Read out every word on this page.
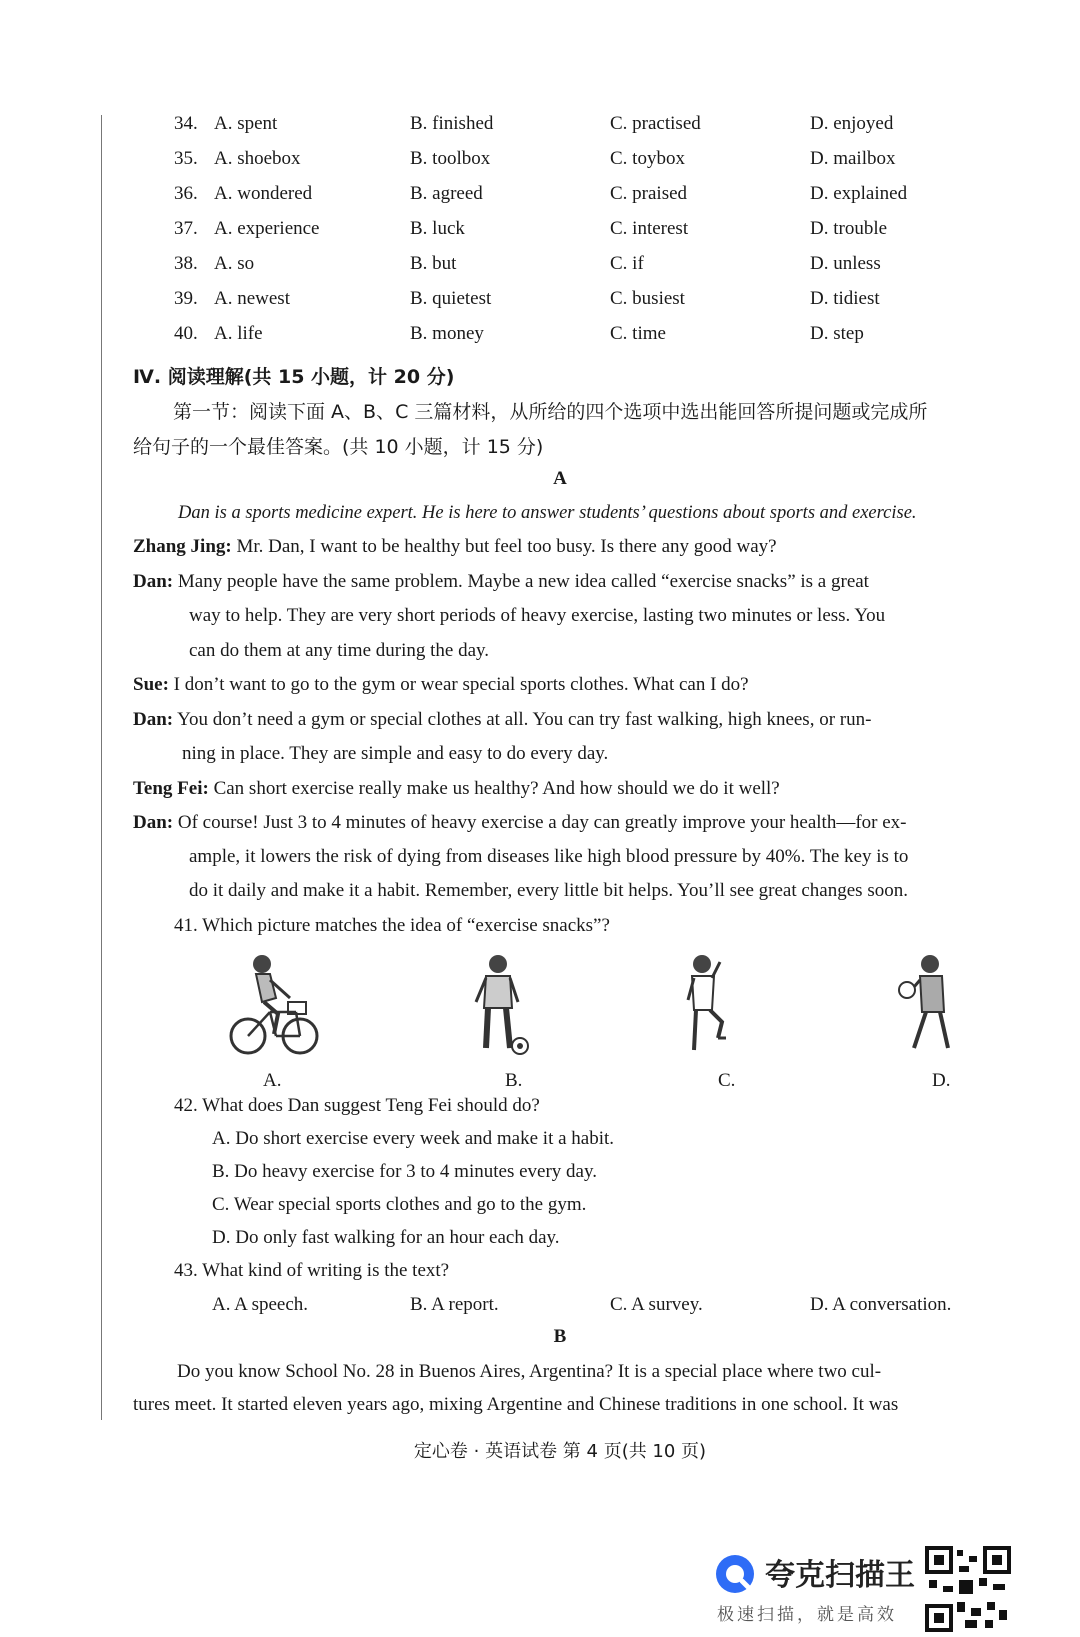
34. A. spent	B. finished	C. practised	D. enjoyed
35. A. shoebox	B. toolbox	C. toybox	D. mailbox
36. A. wondered	B. agreed	C. praised	D. explained
37. A. experience	B. luck	C. interest	D. trouble
38. A. so	B. but	C. if	D. unless
39. A. newest	B. quietest	C. busiest	D. tidiest
40. A. life	B. money	C. time	D. step
Ⅳ. 阅读理解(共 15 小题，计 20 分)
第一节：阅读下面 A、B、C 三篇材料，从所给的四个选项中选出能回答所提问题或完成所
给句子的一个最佳答案。(共 10 小题，计 15 分)
A
Dan is a sports medicine expert. He is here to answer students’ questions about sports and exercise.
Zhang Jing: Mr. Dan, I want to be healthy but feel too busy. Is there any good way?
Dan: Many people have the same problem. Maybe a new idea called “exercise snacks” is a great
way to help. They are very short periods of heavy exercise, lasting two minutes or less. You
can do them at any time during the day.
Sue: I don’t want to go to the gym or wear special sports clothes. What can I do?
Dan: You don’t need a gym or special clothes at all. You can try fast walking, high knees, or run-
ning in place. They are simple and easy to do every day.
Teng Fei: Can short exercise really make us healthy? And how should we do it well?
Dan: Of course! Just 3 to 4 minutes of heavy exercise a day can greatly improve your health—for ex-
ample, it lowers the risk of dying from diseases like high blood pressure by 40%. The key is to
do it daily and make it a habit. Remember, every little bit helps. You’ll see great changes soon.
41. Which picture matches the idea of “exercise snacks”?
A.	B.	C.	D.
42. What does Dan suggest Teng Fei should do?
A. Do short exercise every week and make it a habit.
B. Do heavy exercise for 3 to 4 minutes every day.
C. Wear special sports clothes and go to the gym.
D. Do only fast walking for an hour each day.
43. What kind of writing is the text?
A. A speech.	B. A report.	C. A survey.	D. A conversation.
B
Do you know School No. 28 in Buenos Aires, Argentina? It is a special place where two cul-
tures meet. It started eleven years ago, mixing Argentine and Chinese traditions in one school. It was
定心卷 · 英语试卷 第 4 页(共 10 页)
夸克扫描王
极速扫描，就是高效
